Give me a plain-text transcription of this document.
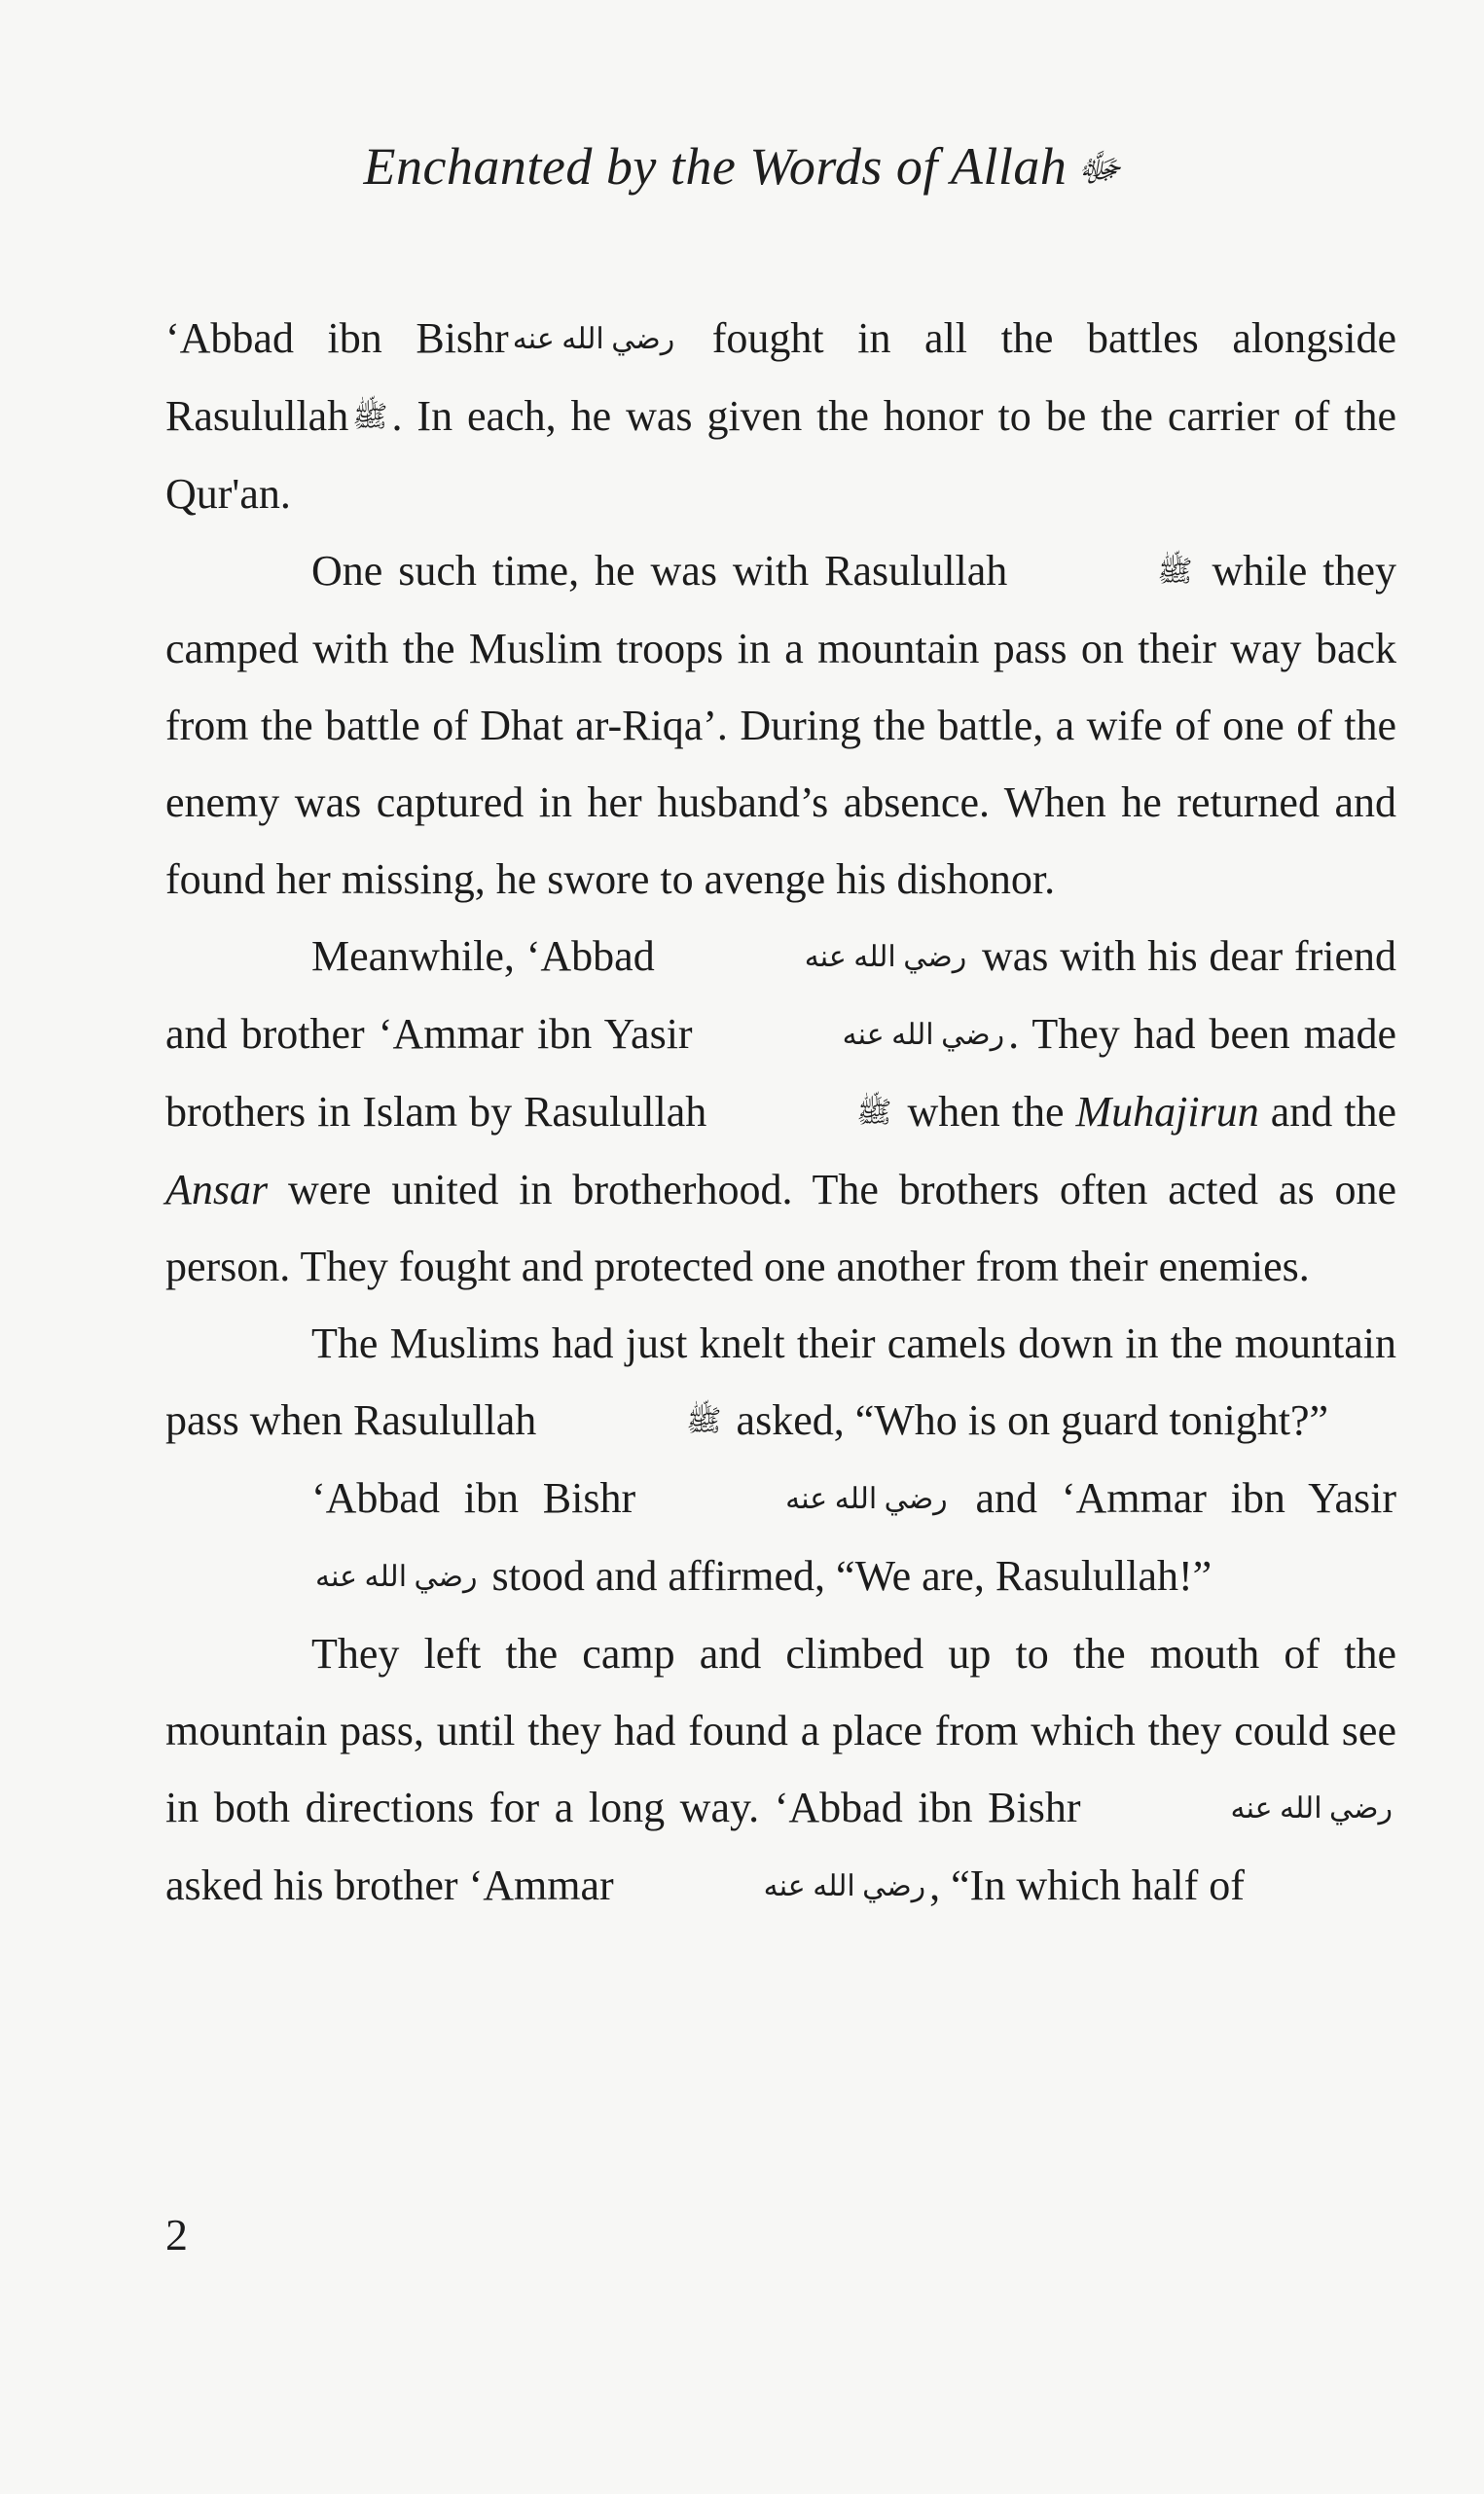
Enchanted by the Words of Allah ﷻ

‘Abbad ibn Bishr رضي الله عنه fought in all the battles alongside Rasulullah ﷺ. In each, he was given the honor to be the carrier of the Qur'an.

One such time, he was with Rasulullah	ﷺ while they camped with the Muslim troops in a mountain pass on their way back from the battle of Dhat ar-Riqa’. During the battle, a wife of one of the enemy was captured in her husband’s absence. When he returned and found her missing, he swore to avenge his dishonor.

Meanwhile, ‘Abbad	رضي الله عنه was with his dear friend and brother ‘Ammar ibn Yasir	رضي الله عنه. They had been made brothers in Islam by Rasulullah	ﷺ when the Muhajirun and the Ansar were united in brotherhood. The brothers often acted as one person. They fought and protected one another from their enemies.

The Muslims had just knelt their camels down in the mountain pass when Rasulullah	ﷺ asked, “Who is on guard tonight?”

‘Abbad ibn Bishr	رضي الله عنه and ‘Ammar ibn Yasirرضي الله عنه stood and affirmed, “We are, Rasulullah!”

They left the camp and climbed up to the mouth of the mountain pass, until they had found a place from which they could see in both directions for a long way. ‘Abbad ibn Bishr	رضي الله عنه asked his brother ‘Ammar	رضي الله عنه, “In which half of

2
